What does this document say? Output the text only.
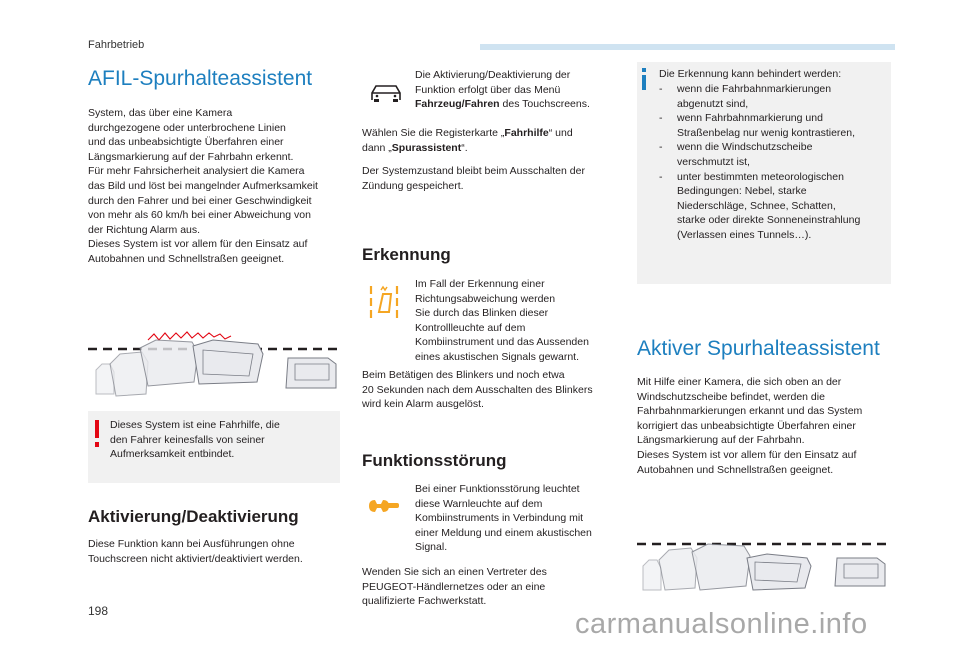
Fahrbetrieb
AFIL-Spurhalteassistent
System, das über eine Kamera
durchgezogene oder unterbrochene Linien
und das unbeabsichtigte Überfahren einer
Längsmarkierung auf der Fahrbahn erkennt.
Für mehr Fahrsicherheit analysiert die Kamera
das Bild und löst bei mangelnder Aufmerksamkeit
durch den Fahrer und bei einer Geschwindigkeit
von mehr als 60 km/h bei einer Abweichung von
der Richtung Alarm aus.
Dieses System ist vor allem für den Einsatz auf
Autobahnen und Schnellstraßen geeignet.
Dieses System ist eine Fahrhilfe, die
den Fahrer keinesfalls von seiner
Aufmerksamkeit entbindet.
Aktivierung/Deaktivierung
Diese Funktion kann bei Ausführungen ohne
Touchscreen nicht aktiviert/deaktiviert werden.
Die Aktivierung/Deaktivierung der
Funktion erfolgt über das Menü
Fahrzeug/Fahren des Touchscreens.
Wählen Sie die Registerkarte „Fahrhilfe“ und
dann „Spurassistent“.
Der Systemzustand bleibt beim Ausschalten der
Zündung gespeichert.
Erkennung
Im Fall der Erkennung einer
Richtungsabweichung werden
Sie durch das Blinken dieser
Kontrollleuchte auf dem
Kombiinstrument und das Aussenden
eines akustischen Signals gewarnt.
Beim Betätigen des Blinkers und noch etwa
20 Sekunden nach dem Ausschalten des Blinkers
wird kein Alarm ausgelöst.
Funktionsstörung
Bei einer Funktionsstörung leuchtet
diese Warnleuchte auf dem
Kombiinstruments in Verbindung mit
einer Meldung und einem akustischen
Signal.
Wenden Sie sich an einen Vertreter des
PEUGEOT-Händlernetzes oder an eine
qualifizierte Fachwerkstatt.
Die Erkennung kann behindert werden:
- wenn die Fahrbahnmarkierungen
abgenutzt sind,
- wenn Fahrbahnmarkierung und
Straßenbelag nur wenig kontrastieren,
- wenn die Windschutzscheibe
verschmutzt ist,
- unter bestimmten meteorologischen
Bedingungen: Nebel, starke
Niederschläge, Schnee, Schatten,
starke oder direkte Sonneneinstrahlung
(Verlassen eines Tunnels…).
Aktiver Spurhalteassistent
Mit Hilfe einer Kamera, die sich oben an der
Windschutzscheibe befindet, werden die
Fahrbahnmarkierungen erkannt und das System
korrigiert das unbeabsichtigte Überfahren einer
Längsmarkierung auf der Fahrbahn.
Dieses System ist vor allem für den Einsatz auf
Autobahnen und Schnellstraßen geeignet.
198	carmanualsonline.info
